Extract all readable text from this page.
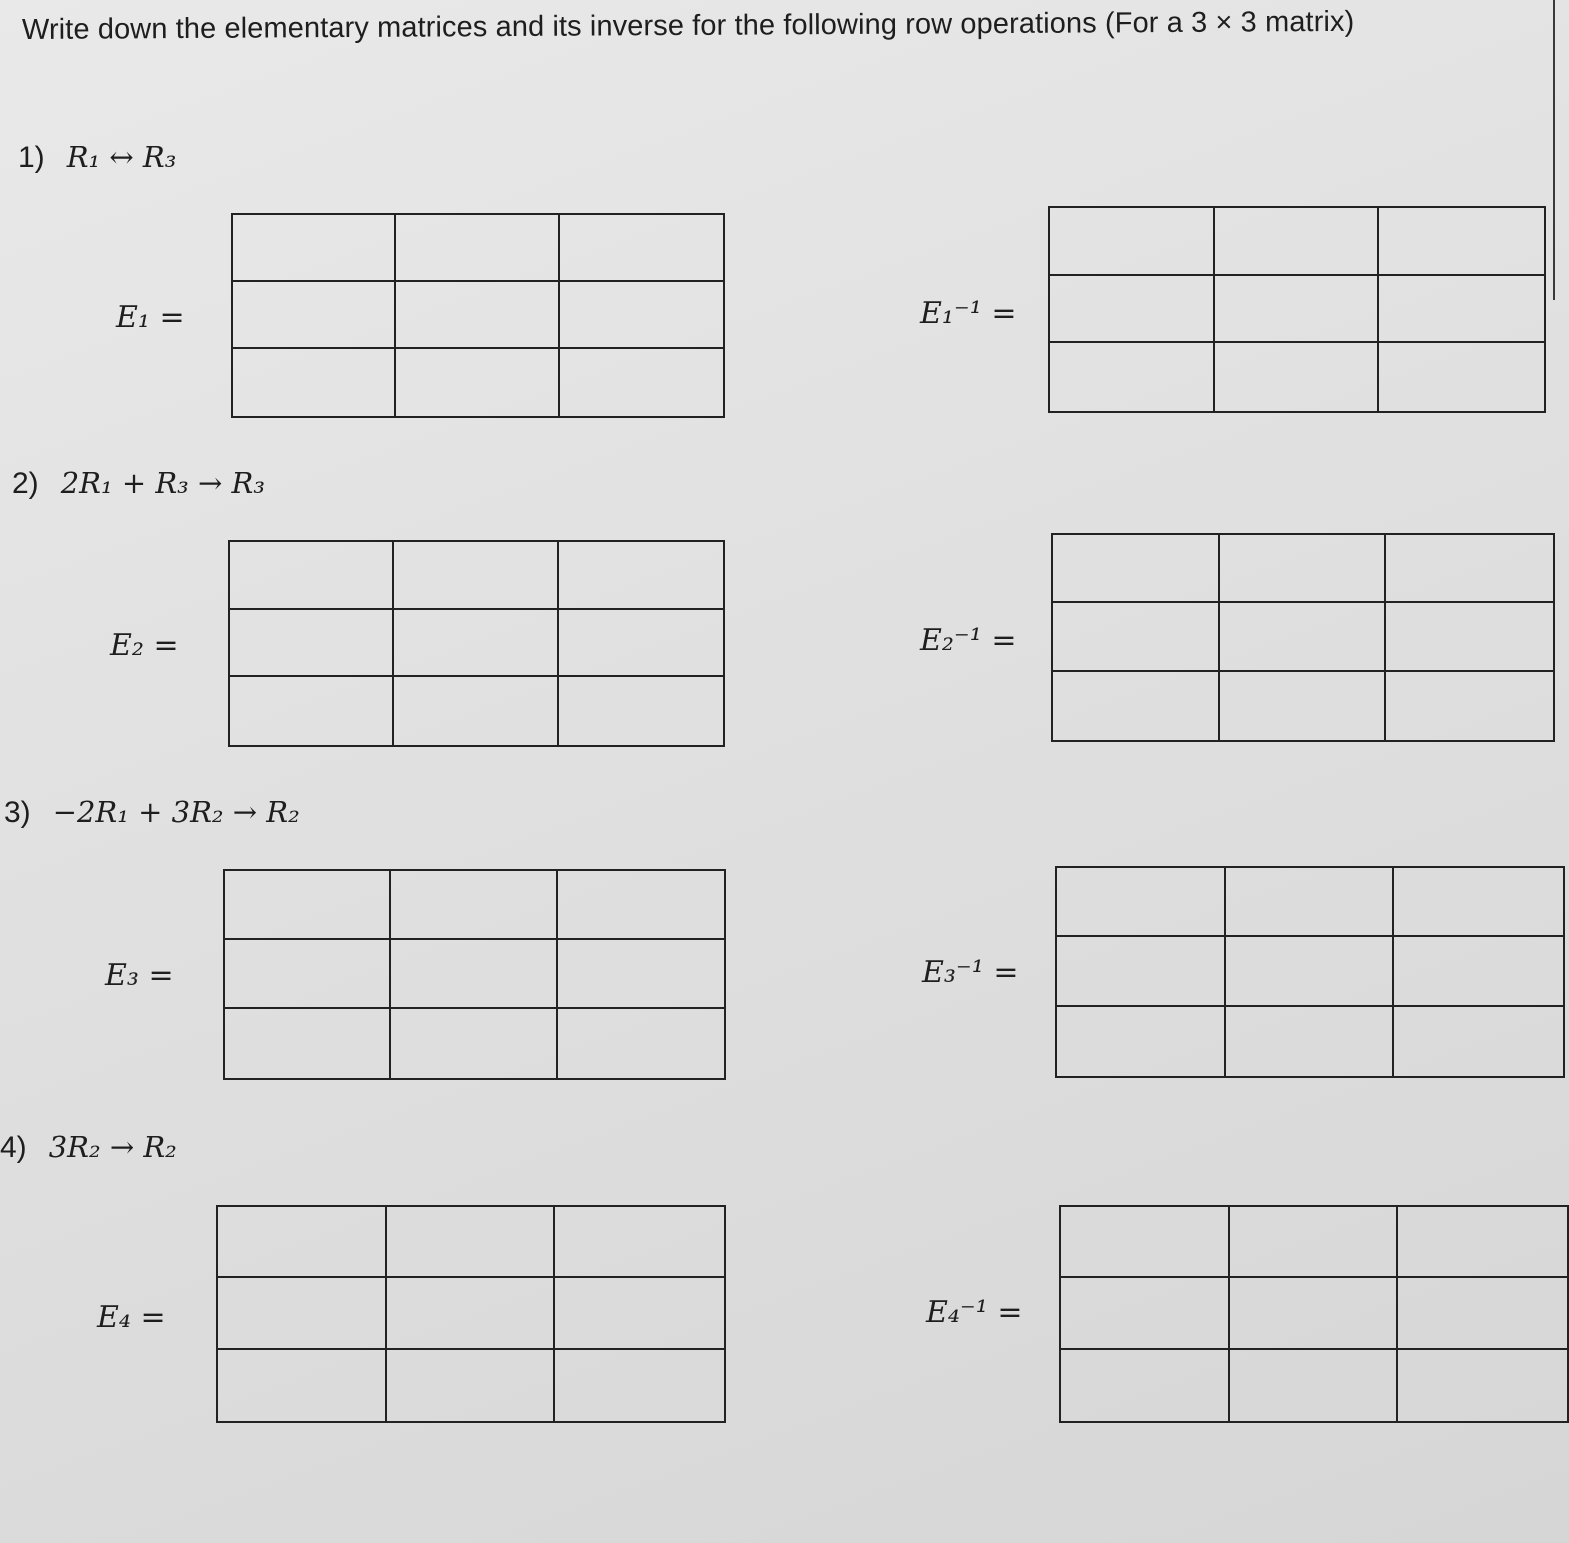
Write down the elementary matrices and its inverse for the following row operations (For a 3 × 3 matrix)
1) R₁ ↔ R₃
E₁ =	E₁⁻¹ =
2) 2R₁ + R₃ → R₃
E₂ =	E₂⁻¹ =
3) −2R₁ + 3R₂ → R₂
E₃ =	E₃⁻¹ =
4) 3R₂ → R₂
E₄ =	E₄⁻¹ =
